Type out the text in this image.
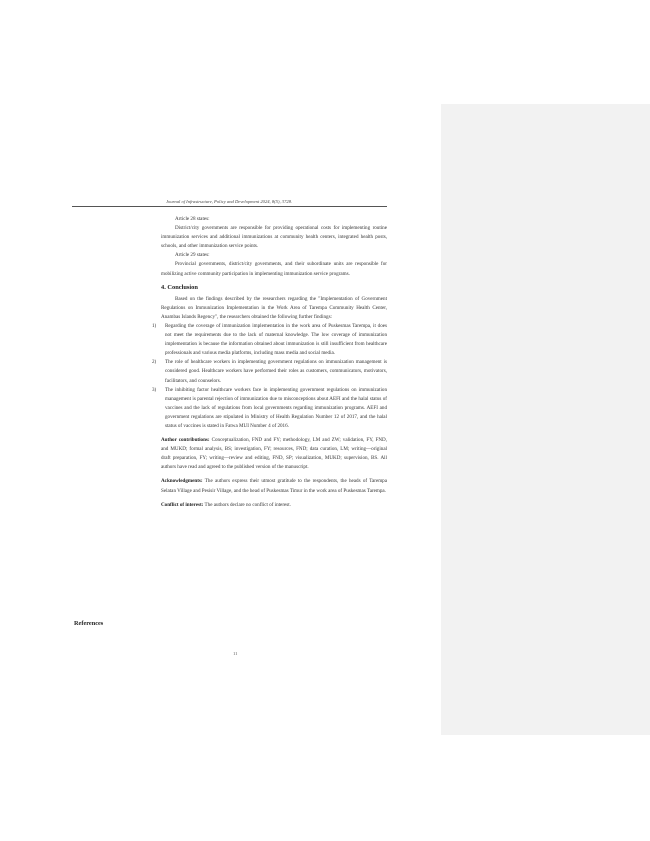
Journal of Infrastructure, Policy and Development 2024, 8(5), 3728.

Article 28 states:

District/city governments are responsible for providing operational costs for implementing routine immunization services and additional immunizations at community health centers, integrated health posts, schools, and other immunization service points.

Article 29 states:

Provincial governments, district/city governments, and their subordinate units are responsible for mobilizing active community participation in implementing immunization service programs.

4. Conclusion

Based on the findings described by the researchers regarding the "Implementation of Government Regulations on Immunization Implementation in the Work Area of Tarempa Community Health Center, Anambas Islands Regency", the researchers obtained the following further findings:

1)	Regarding the coverage of immunization implementation in the work area of Puskesmas Tarempa, it does not meet the requirements due to the lack of maternal knowledge. The low coverage of immunization implementation is because the information obtained about immunization is still insufficient from healthcare professionals and various media platforms, including mass media and social media.
2)	The role of healthcare workers in implementing government regulations on immunization management is considered good. Healthcare workers have performed their roles as customers, communicators, motivators, facilitators, and counselors.
3)	The inhibiting factor healthcare workers face in implementing government regulations on immunization management is parental rejection of immunization due to misconceptions about AEFI and the halal status of vaccines and the lack of regulations from local governments regarding immunization programs. AEFI and government regulations are stipulated in Ministry of Health Regulation Number 12 of 2017, and the halal status of vaccines is stated in Fatwa MUI Number 4 of 2016.

Author contributions: Conceptualization, FND and FY; methodology, LM and ZW; validation, FY, FND, and MUKD; formal analysis, BS; investigation, FY; resources, FND; data curation, LM; writing—original draft preparation, FY; writing—review and editing, FND, SP; visualization, MUKD; supervision, BS. All authors have read and agreed to the published version of the manuscript.

Acknowledgments: The authors express their utmost gratitude to the respondents, the heads of Tarempa Selatan Village and Pesisir Village, and the head of Puskesmas Timur in the work area of Puskesmas Tarempa.

Conflict of interest: The authors declare no conflict of interest.

References
11
